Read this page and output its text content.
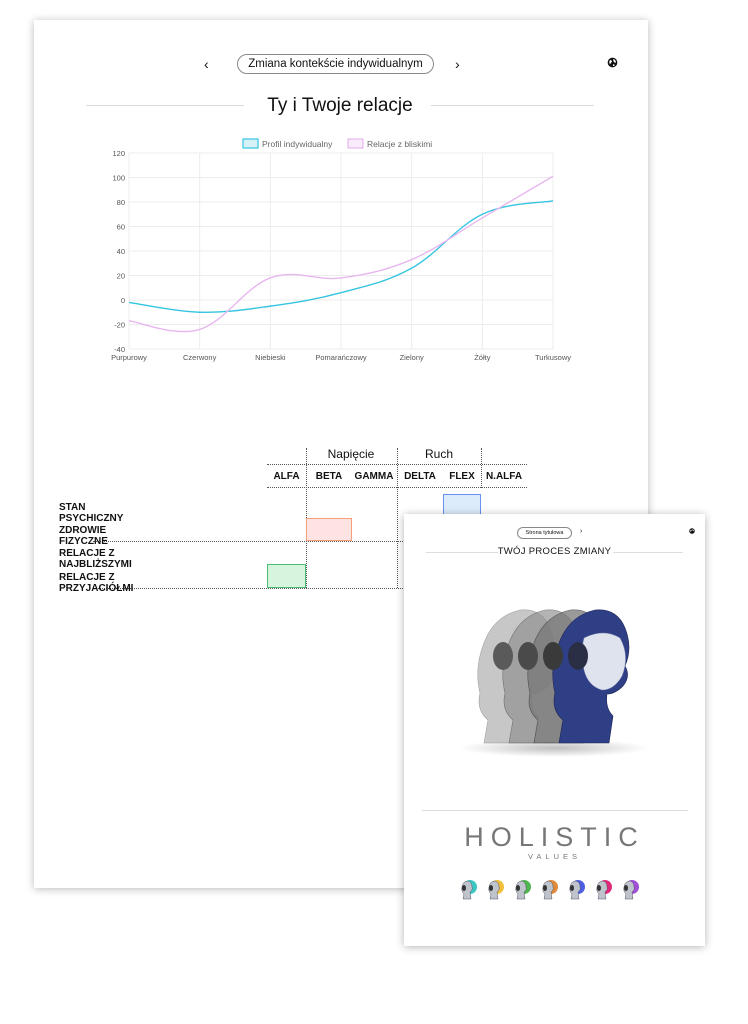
‹	Zmiana kontekście indywidualnym	›
Ty i Twoje relacje
-40
-20
0
20
40
60
80
100
120
Purpurowy	Czerwony	Niebieski	Pomarańczowy	Zielony	Żółty	Turkusowy
Profil indywidualny	Relacje z bliskimi
Napięcie	Ruch
ALFA	BETA	GAMMA	DELTA	FLEX	N.ALFA
STAN PSYCHICZNY
ZDROWIE FIZYCZNE
RELACJE Z NAJBLIŻSZYMI
RELACJE Z PRZYJACIÓŁMI
Strona tytułowa	›
TWÓJ PROCES ZMIANY
HOLISTIC
VALUES
